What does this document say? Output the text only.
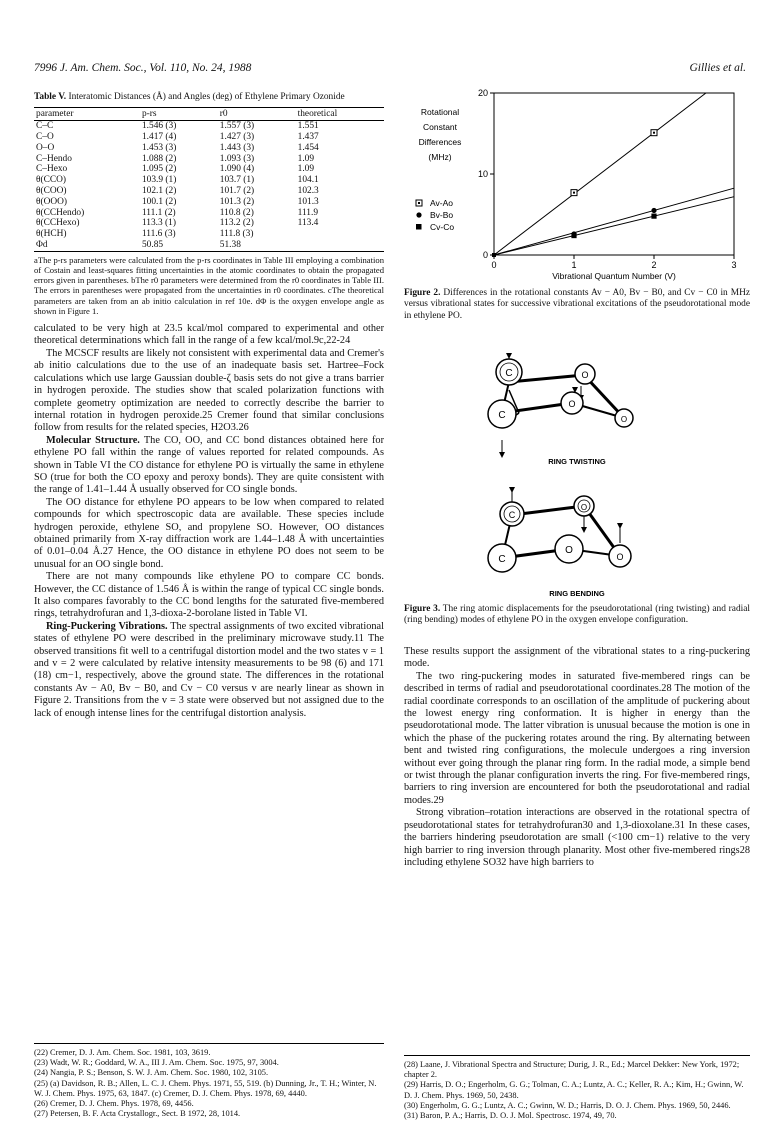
7996 J. Am. Chem. Soc., Vol. 110, No. 24, 1988	Gillies et al.
Table V. Interatomic Distances (Å) and Angles (deg) of Ethylene Primary Ozonide
parameter	p-rs	r0	theoretical
C–C	1.546 (3)	1.557 (3)	1.551
C–O	1.417 (4)	1.427 (3)	1.437
O–O	1.453 (3)	1.443 (3)	1.454
C–Hendo	1.088 (2)	1.093 (3)	1.09
C–Hexo	1.095 (2)	1.090 (4)	1.09
θ(CCO)	103.9 (1)	103.7 (1)	104.1
θ(COO)	102.1 (2)	101.7 (2)	102.3
θ(OOO)	100.1 (2)	101.3 (2)	101.3
θ(CCHendo)	111.1 (2)	110.8 (2)	111.9
θ(CCHexo)	113.3 (1)	113.2 (2)	113.4
θ(HCH)	111.6 (3)	111.8 (3)	
Φd	50.85	51.38	
aThe p-rs parameters were calculated from the p-rs coordinates in Table III employing a combination of Costain and least-squares fitting uncertainties in the atomic coordinates to obtain the propagated errors given in parentheses. bThe r0 parameters were determined from the r0 coordinates in Table III. The errors in parentheses were propagated from the uncertainties in r0 coordinates. cThe theoretical parameters are taken from an ab initio calculation in ref 10e. dΦ is the oxygen envelope angle as shown in Figure 1.

calculated to be very high at 23.5 kcal/mol compared to experimental and other theoretical determinations which fall in the range of a few kcal/mol.9c,22-24

The MCSCF results are likely not consistent with experimental data and Cremer's ab initio calculations due to the use of an inadequate basis set. Hartree–Fock calculations which use large Gaussian double-ζ basis sets do not give a trans barrier in hydrogen peroxide. The studies show that scaled polarization functions with complete geometry optimization are needed to correctly describe the barrier to internal rotation in hydrogen peroxide.25 Cremer found that similar conclusions follow from results for the related species, H2O3.26

Molecular Structure. The CO, OO, and CC bond distances obtained here for ethylene PO fall within the range of values reported for related compounds. As shown in Table VI the CO distance for ethylene PO is virtually the same in ethylene SO (true for both the CO epoxy and peroxy bonds). They are quite consistent with the range of 1.41–1.44 Å usually observed for CO single bonds.

The OO distance for ethylene PO appears to be low when compared to related compounds for which spectroscopic data are available. These species include hydrogen peroxide, ethylene SO, and propylene SO. However, OO distances obtained primarily from X-ray diffraction work are 1.44–1.48 Å with uncertainties of 0.01–0.04 Å.27 Hence, the OO distance in ethylene PO does not seem to be unusual for an OO single bond.

There are not many compounds like ethylene PO to compare CC bonds. However, the CC distance of 1.546 Å is within the range of typical CC single bonds. It also compares favorably to the CC bond lengths for the saturated five-membered rings, tetrahydrofuran and 1,3-dioxa-2-borolane listed in Table VI.

Ring-Puckering Vibrations. The spectral assignments of two excited vibrational states of ethylene PO were described in the preliminary microwave study.11 The observed transitions fit well to a centrifugal distortion model and the two states v = 1 and v = 2 were calculated by relative intensity measurements to be 98 (6) and 171 (18) cm−1, respectively, above the ground state. The differences in the rotational constants Av − A0, Bv − B0, and Cv − C0 versus v are nearly linear as shown in Figure 2. Transitions from the v = 3 state were observed but not assigned due to the lack of enough intense lines for the centrifugal distortion analysis.

(22) Cremer, D. J. Am. Chem. Soc. 1981, 103, 3619.
(23) Wadt, W. R.; Goddard, W. A., III J. Am. Chem. Soc. 1975, 97, 3004.
(24) Nangia, P. S.; Benson, S. W. J. Am. Chem. Soc. 1980, 102, 3105.
(25) (a) Davidson, R. B.; Allen, L. C. J. Chem. Phys. 1971, 55, 519. (b) Dunning, Jr., T. H.; Winter, N. W. J. Chem. Phys. 1975, 63, 1847. (c) Cremer, D. J. Chem. Phys. 1978, 69, 4440.
(26) Cremer, D. J. Chem. Phys. 1978, 69, 4456.
(27) Petersen, B. F. Acta Crystallogr., Sect. B 1972, 28, 1014.
0
10
20
0	1	2	3
Vibrational Quantum Number (V)
Rotational
Constant
Differences
(MHz)
Av-Ao
Bv-Bo
Cv-Co
Figure 2. Differences in the rotational constants Av − A0, Bv − B0, and Cv − C0 in MHz versus vibrational states for successive vibrational excitations of the pseudorotational mode in ethylene PO.
C
C
O
O
O
RING TWISTING
C
C
O
O
O
RING BENDING
Figure 3. The ring atomic displacements for the pseudorotational (ring twisting) and radial (ring bending) modes of ethylene PO in the oxygen envelope configuration.

These results support the assignment of the vibrational states to a ring-puckering mode.

The two ring-puckering modes in saturated five-membered rings can be described in terms of radial and pseudorotational coordinates.28 The motion of the radial coordinate corresponds to an oscillation of the amplitude of puckering about the lowest energy ring conformation. It is higher in energy than the pseudorotational mode. The latter vibration is unusual because the motion is one in which the phase of the puckering rotates around the ring. By alternating between bent and twisted ring configurations, the molecule undergoes a ring inversion without ever going through the planar ring form. In the radial mode, a simple bend or twist through the planar configuration inverts the ring. For five-membered rings, barriers to ring inversion are encountered for both the pseudorotational and radial modes.29

Strong vibration–rotation interactions are observed in the rotational spectra of pseudorotational states for tetrahydrofuran30 and 1,3-dioxolane.31 In these cases, the barriers hindering pseudorotation are small (<100 cm−1) relative to the very high barrier to ring inversion through planarity. Most other five-membered rings28 including ethylene SO32 have high barriers to

(28) Laane, J. Vibrational Spectra and Structure; Durig, J. R., Ed.; Marcel Dekker: New York, 1972; chapter 2.
(29) Harris, D. O.; Engerholm, G. G.; Tolman, C. A.; Luntz, A. C.; Keller, R. A.; Kim, H.; Gwinn, W. D. J. Chem. Phys. 1969, 50, 2438.
(30) Engerholm, G. G.; Luntz, A. C.; Gwinn, W. D.; Harris, D. O. J. Chem. Phys. 1969, 50, 2446.
(31) Baron, P. A.; Harris, D. O. J. Mol. Spectrosc. 1974, 49, 70.
